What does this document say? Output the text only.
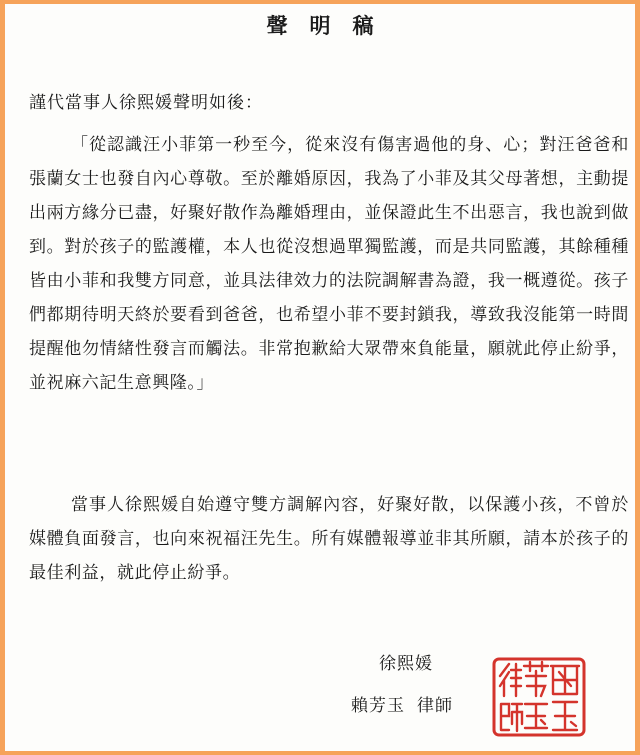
聲明稿
謹代當事人徐熙媛聲明如後：
「從認識汪小菲第一秒至今，從來沒有傷害過他的身、心；對汪爸爸和張蘭女士也發自內心尊敬。至於離婚原因，我為了小菲及其父母著想，主動提出兩方緣分已盡，好聚好散作為離婚理由，並保證此生不出惡言，我也說到做到。對於孩子的監護權，本人也從沒想過單獨監護，而是共同監護，其餘種種皆由小菲和我雙方同意，並具法律效力的法院調解書為證，我一概遵從。孩子們都期待明天終於要看到爸爸，也希望小菲不要封鎖我，導致我沒能第一時間提醒他勿情緒性發言而觸法。非常抱歉給大眾帶來負能量，願就此停止紛爭，並祝麻六記生意興隆。」
當事人徐熙媛自始遵守雙方調解內容，好聚好散，以保護小孩，不曾於媒體負面發言，也向來祝福汪先生。所有媒體報導並非其所願，請本於孩子的最佳利益，就此停止紛爭。
徐熙媛
賴芳玉 律師
